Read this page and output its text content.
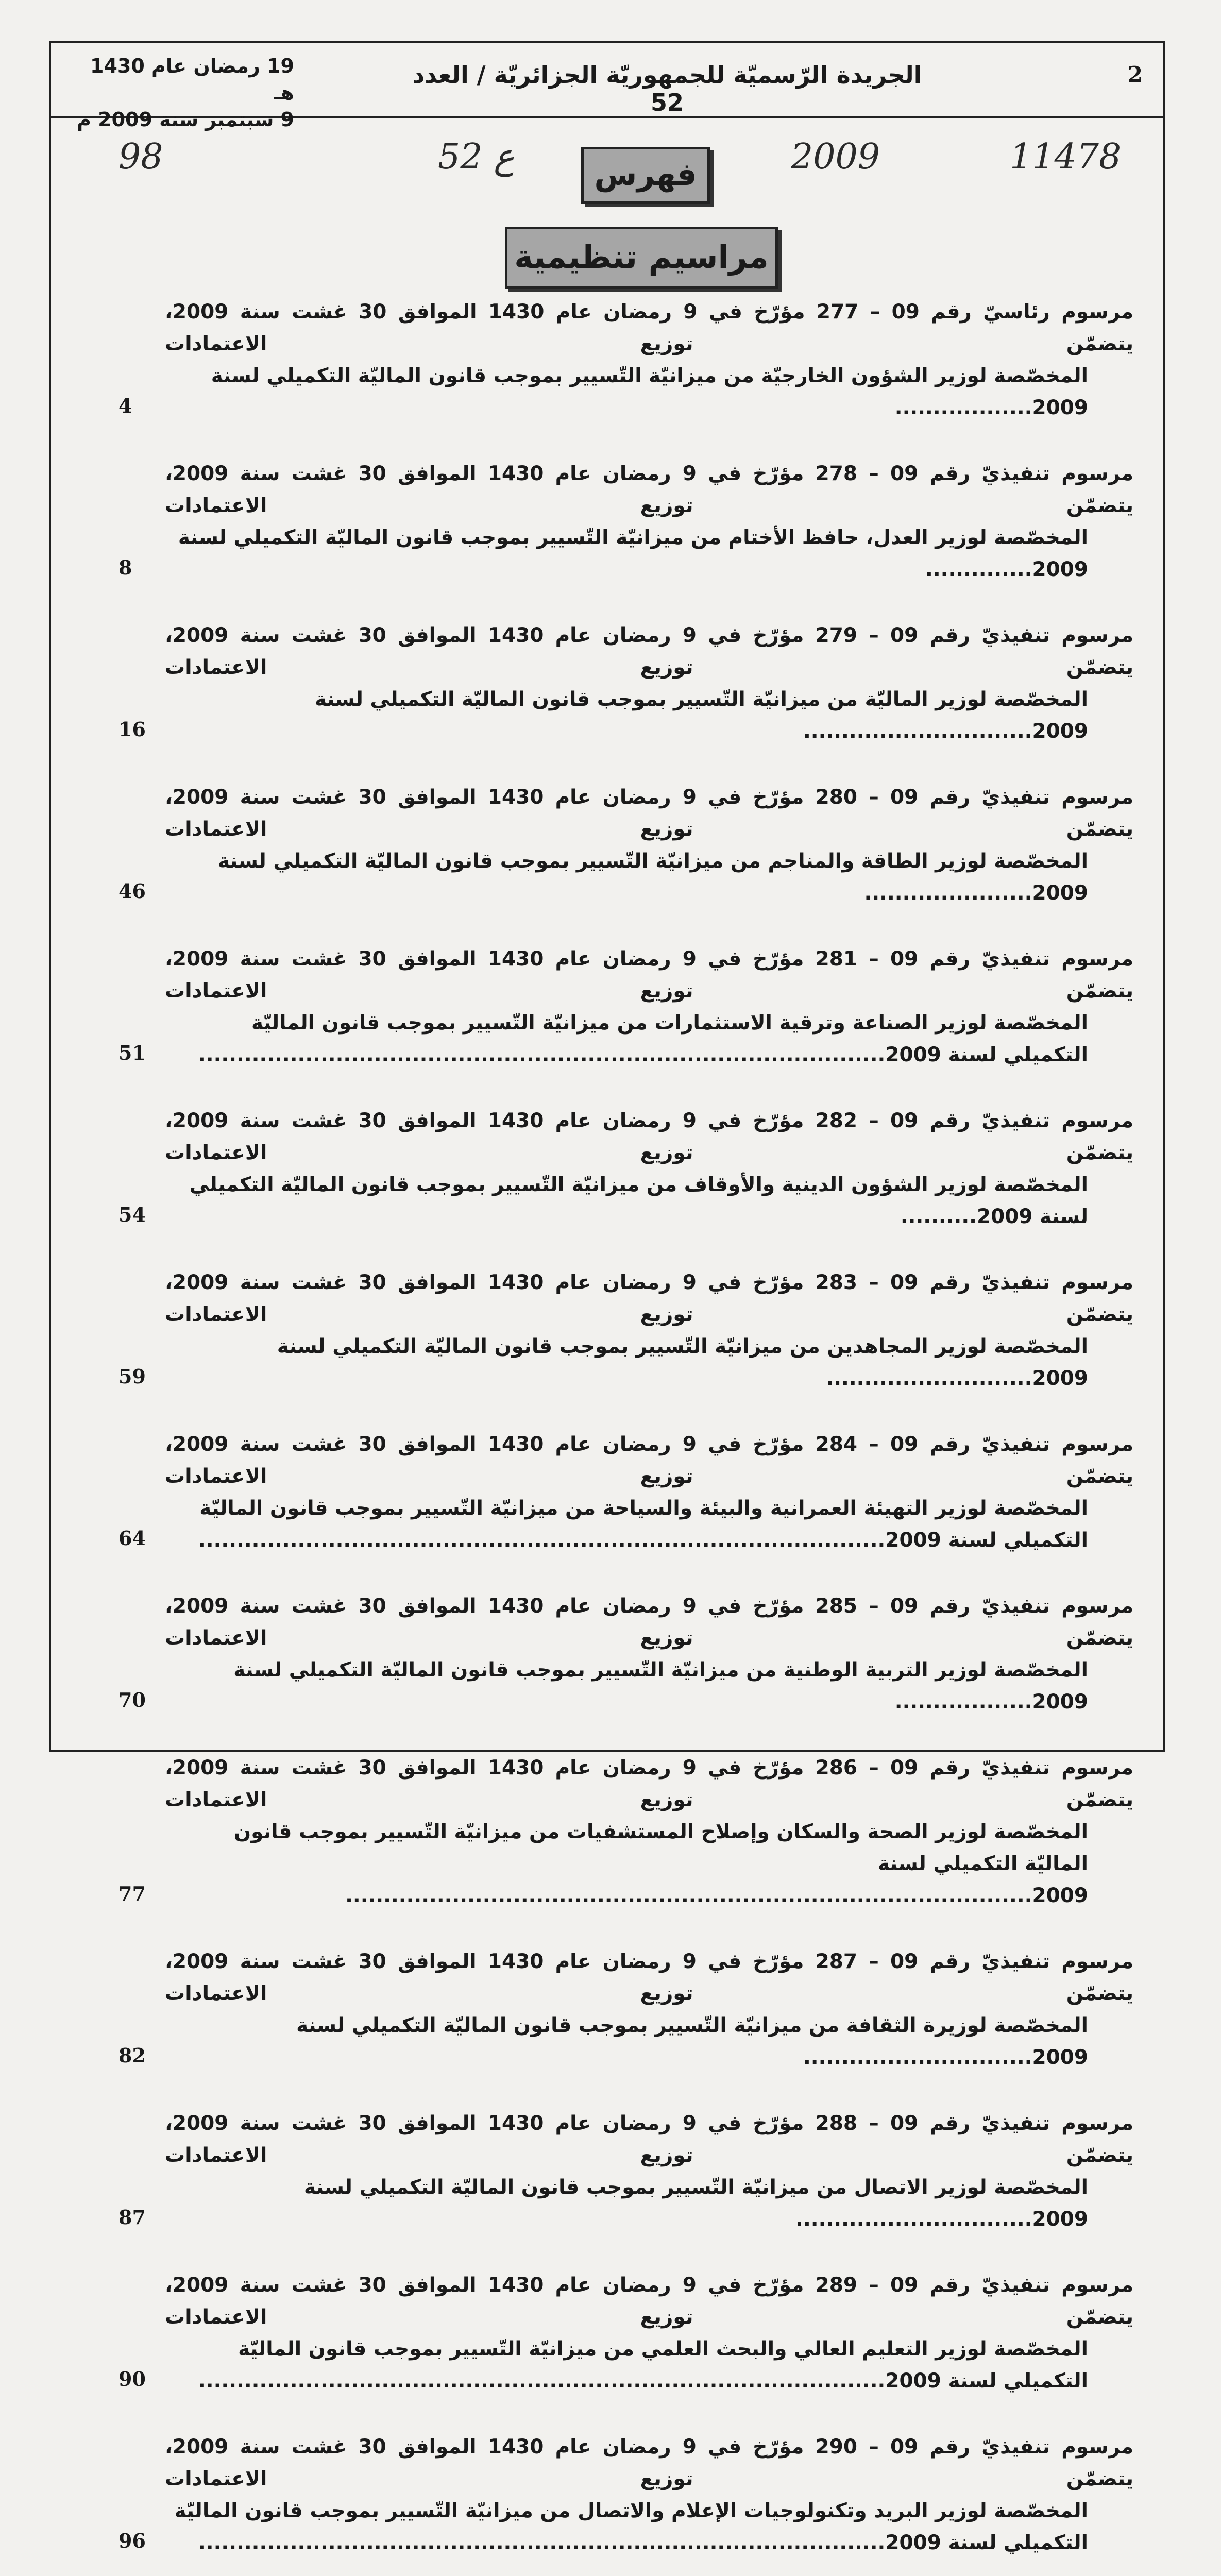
2
الجريدة الرّسميّة للجمهوريّة الجزائريّة / العدد 52
19 رمضان عام 1430 هـ
9 سبتمبر سنة 2009 م
98	52 ع	2009	11478
فهرس
مراسيم تنظيمية
مرسوم رئاسيّ رقم 09 – 277 مؤرّخ في 9 رمضان عام 1430 الموافق 30 غشت سنة 2009، يتضمّن توزيع الاعتمادات
المخصّصة لوزير الشؤون الخارجيّة من ميزانيّة التّسيير بموجب قانون الماليّة التكميلي لسنة 2009..................
4
مرسوم تنفيذيّ رقم 09 – 278 مؤرّخ في 9 رمضان عام 1430 الموافق 30 غشت سنة 2009، يتضمّن توزيع الاعتمادات
المخصّصة لوزير العدل، حافظ الأختام من ميزانيّة التّسيير بموجب قانون الماليّة التكميلي لسنة 2009..............
8
مرسوم تنفيذيّ رقم 09 – 279 مؤرّخ في 9 رمضان عام 1430 الموافق 30 غشت سنة 2009، يتضمّن توزيع الاعتمادات
المخصّصة لوزير الماليّة من ميزانيّة التّسيير بموجب قانون الماليّة التكميلي لسنة 2009..............................
16
مرسوم تنفيذيّ رقم 09 – 280 مؤرّخ في 9 رمضان عام 1430 الموافق 30 غشت سنة 2009، يتضمّن توزيع الاعتمادات
المخصّصة لوزير الطاقة والمناجم من ميزانيّة التّسيير بموجب قانون الماليّة التكميلي لسنة 2009......................
46
مرسوم تنفيذيّ رقم 09 – 281 مؤرّخ في 9 رمضان عام 1430 الموافق 30 غشت سنة 2009، يتضمّن توزيع الاعتمادات
المخصّصة لوزير الصناعة وترقية الاستثمارات من ميزانيّة التّسيير بموجب قانون الماليّة التكميلي لسنة 2009..........................................................................................
51
مرسوم تنفيذيّ رقم 09 – 282 مؤرّخ في 9 رمضان عام 1430 الموافق 30 غشت سنة 2009، يتضمّن توزيع الاعتمادات
المخصّصة لوزير الشؤون الدينية والأوقاف من ميزانيّة التّسيير بموجب قانون الماليّة التكميلي لسنة 2009..........
54
مرسوم تنفيذيّ رقم 09 – 283 مؤرّخ في 9 رمضان عام 1430 الموافق 30 غشت سنة 2009، يتضمّن توزيع الاعتمادات
المخصّصة لوزير المجاهدين من ميزانيّة التّسيير بموجب قانون الماليّة التكميلي لسنة 2009...........................
59
مرسوم تنفيذيّ رقم 09 – 284 مؤرّخ في 9 رمضان عام 1430 الموافق 30 غشت سنة 2009، يتضمّن توزيع الاعتمادات
المخصّصة لوزير التهيئة العمرانية والبيئة والسياحة من ميزانيّة التّسيير بموجب قانون الماليّة التكميلي لسنة 2009..........................................................................................
64
مرسوم تنفيذيّ رقم 09 – 285 مؤرّخ في 9 رمضان عام 1430 الموافق 30 غشت سنة 2009، يتضمّن توزيع الاعتمادات
المخصّصة لوزير التربية الوطنية من ميزانيّة التّسيير بموجب قانون الماليّة التكميلي لسنة 2009..................
70
مرسوم تنفيذيّ رقم 09 – 286 مؤرّخ في 9 رمضان عام 1430 الموافق 30 غشت سنة 2009، يتضمّن توزيع الاعتمادات
المخصّصة لوزير الصحة والسكان وإصلاح المستشفيات من ميزانيّة التّسيير بموجب قانون الماليّة التكميلي لسنة 2009..........................................................................................
77
مرسوم تنفيذيّ رقم 09 – 287 مؤرّخ في 9 رمضان عام 1430 الموافق 30 غشت سنة 2009، يتضمّن توزيع الاعتمادات
المخصّصة لوزيرة الثقافة من ميزانيّة التّسيير بموجب قانون الماليّة التكميلي لسنة 2009..............................
82
مرسوم تنفيذيّ رقم 09 – 288 مؤرّخ في 9 رمضان عام 1430 الموافق 30 غشت سنة 2009، يتضمّن توزيع الاعتمادات
المخصّصة لوزير الاتصال من ميزانيّة التّسيير بموجب قانون الماليّة التكميلي لسنة 2009...............................
87
مرسوم تنفيذيّ رقم 09 – 289 مؤرّخ في 9 رمضان عام 1430 الموافق 30 غشت سنة 2009، يتضمّن توزيع الاعتمادات
المخصّصة لوزير التعليم العالي والبحث العلمي من ميزانيّة التّسيير بموجب قانون الماليّة التكميلي لسنة 2009..........................................................................................
90
مرسوم تنفيذيّ رقم 09 – 290 مؤرّخ في 9 رمضان عام 1430 الموافق 30 غشت سنة 2009، يتضمّن توزيع الاعتمادات
المخصّصة لوزير البريد وتكنولوجيات الإعلام والاتصال من ميزانيّة التّسيير بموجب قانون الماليّة التكميلي لسنة 2009..........................................................................................
96
